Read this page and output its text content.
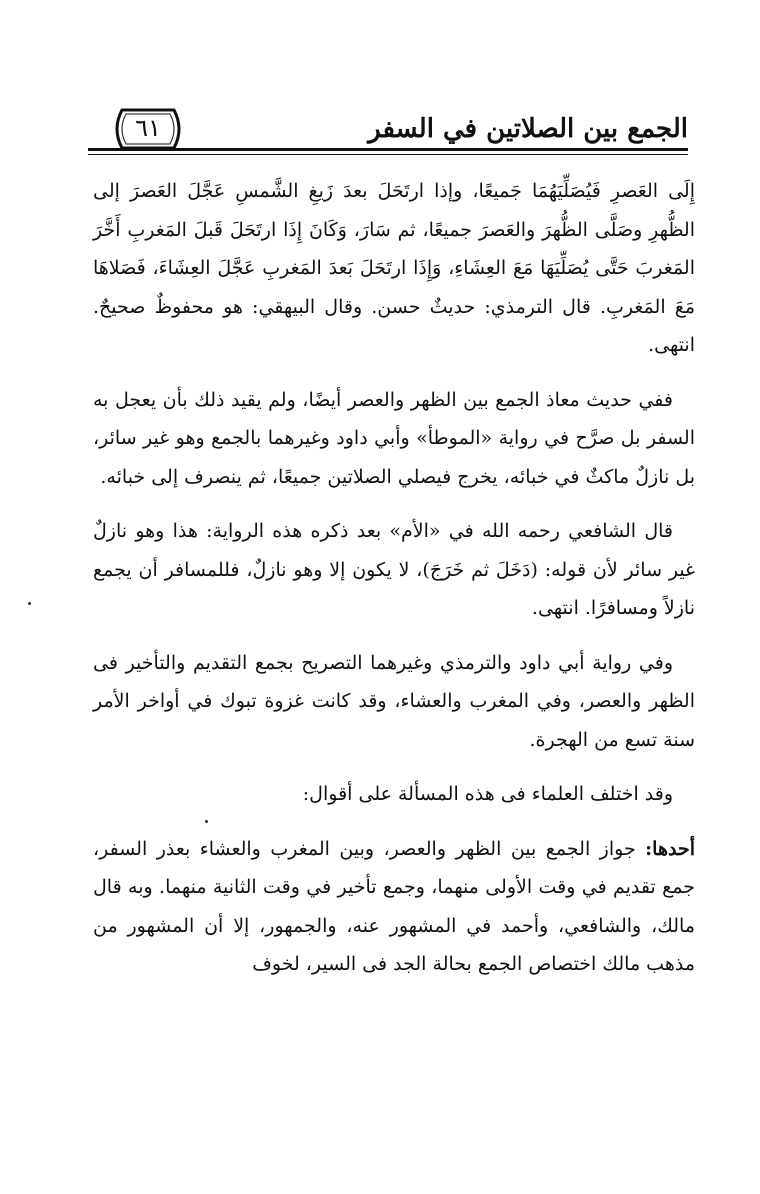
الجمع بين الصلاتين في السفر
٦١

إِلَى العَصرِ فَيُصَلِّيَهُمَا جَميعًا، وإذا ارتَحَلَ بعدَ زَيغِ الشَّمسِ عَجَّلَ العَصرَ إلى الظُّهرِ وصَلَّى الظُّهرَ والعَصرَ جميعًا، ثم سَارَ، وَكَانَ إِذَا ارتَحَلَ قَبلَ المَغربِ أَخَّرَ المَغربَ حَتَّى يُصَلِّيَهَا مَعَ العِشَاءِ، وَإِذَا ارتَحَلَ بَعدَ المَغربِ عَجَّلَ العِشَاءَ، فَصَلاهَا مَعَ المَغربِ. قال الترمذي: حديثٌ حسن. وقال البيهقي: هو محفوظٌ صحيحٌ. انتهى.

ففي حديث معاذ الجمع بين الظهر والعصر أيضًا، ولم يقيد ذلك بأن يعجل به السفر بل صرَّح في رواية «الموطأ» وأبي داود وغيرهما بالجمع وهو غير سائر، بل نازلٌ ماكثٌ في خبائه، يخرج فيصلي الصلاتين جميعًا، ثم ينصرف إلى خبائه.

قال الشافعي رحمه الله في «الأم» بعد ذكره هذه الرواية: هذا وهو نازلٌ غير سائر لأن قوله: (دَخَلَ ثم خَرَجَ)، لا يكون إلا وهو نازلٌ، فللمسافر أن يجمع نازلاً ومسافرًا. انتهى.

وفي رواية أبي داود والترمذي وغيرهما التصريح بجمع التقديم والتأخير فى الظهر والعصر، وفي المغرب والعشاء، وقد كانت غزوة تبوك في أواخر الأمر سنة تسع من الهجرة.

وقد اختلف العلماء فى هذه المسألة على أقوال:

أحدها: جواز الجمع بين الظهر والعصر، وبين المغرب والعشاء بعذر السفر، جمع تقديم في وقت الأولى منهما، وجمع تأخير في وقت الثانية منهما. وبه قال مالك، والشافعي، وأحمد في المشهور عنه، والجمهور، إلا أن المشهور من مذهب مالك اختصاص الجمع بحالة الجد فى السير، لخوف
